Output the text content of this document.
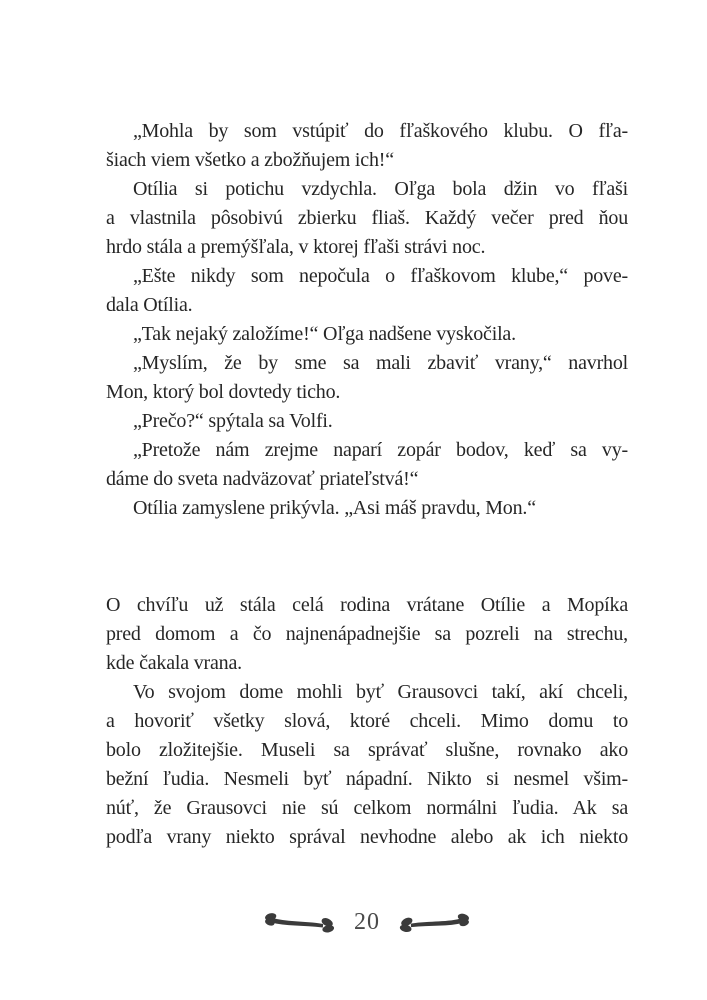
„Mohla by som vstúpiť do fľaškového klubu. O fľa-
šiach viem všetko a zbožňujem ich!“
Otília si potichu vzdychla. Oľga bola džin vo fľaši
a vlastnila pôsobivú zbierku fliaš. Každý večer pred ňou
hrdo stála a premýšľala, v ktorej fľaši strávi noc.
„Ešte nikdy som nepočula o fľaškovom klube,“ pove-
dala Otília.
„Tak nejaký založíme!“ Oľga nadšene vyskočila.
„Myslím, že by sme sa mali zbaviť vrany,“ navrhol
Mon, ktorý bol dovtedy ticho.
„Prečo?“ spýtala sa Volfi.
„Pretože nám zrejme naparí zopár bodov, keď sa vy-
dáme do sveta nadväzovať priateľstvá!“
Otília zamyslene prikývla. „Asi máš pravdu, Mon.“
O chvíľu už stála celá rodina vrátane Otílie a Mopíka
pred domom a čo najnenápadnejšie sa pozreli na strechu,
kde čakala vrana.
Vo svojom dome mohli byť Grausovci takí, akí chceli,
a hovoriť všetky slová, ktoré chceli. Mimo domu to
bolo zložitejšie. Museli sa správať slušne, rovnako ako
bežní ľudia. Nesmeli byť nápadní. Nikto si nesmel všim-
núť, že Grausovci nie sú celkom normálni ľudia. Ak sa
podľa vrany niekto správal nevhodne alebo ak ich niekto
20
